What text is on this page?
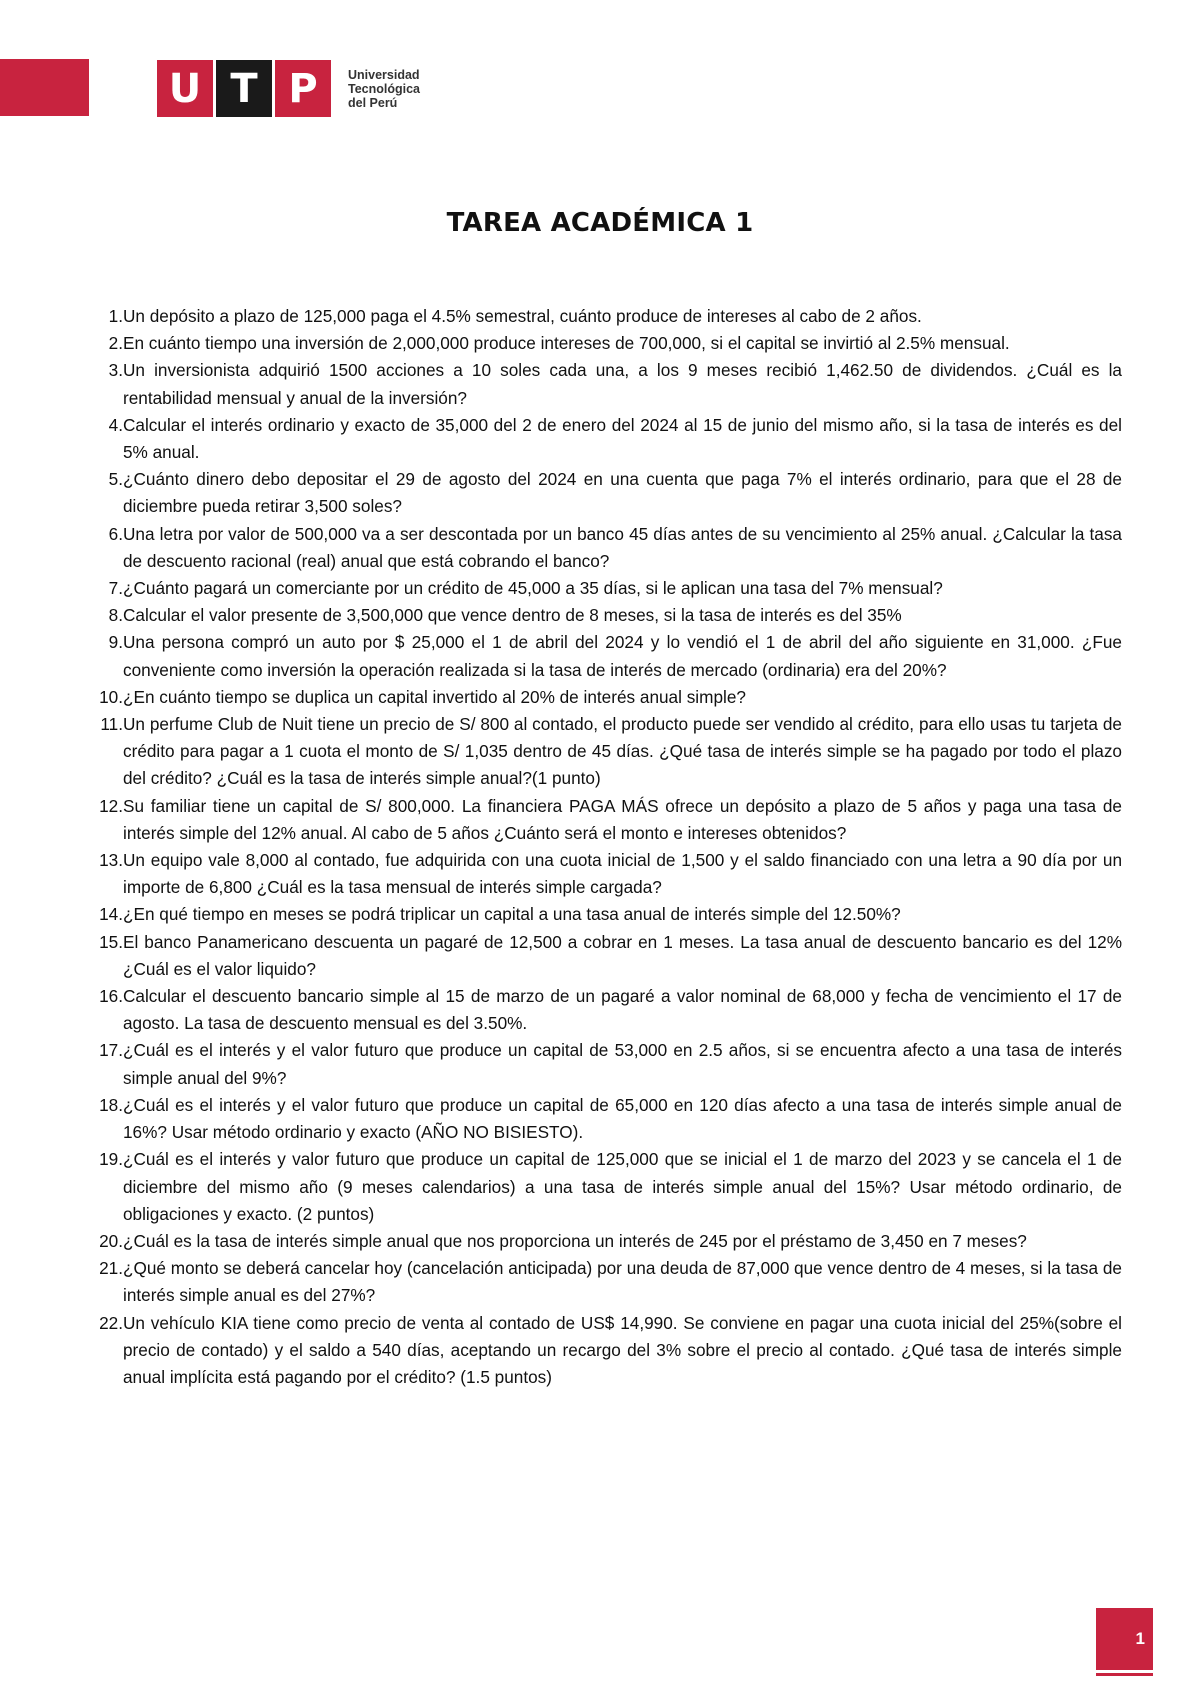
U T P	Universidad
Tecnológica
del Perú
TAREA ACADÉMICA 1
1. Un depósito a plazo de 125,000 paga el 4.5% semestral, cuánto produce de intereses al cabo de 2 años.
2. En cuánto tiempo una inversión de 2,000,000 produce intereses de 700,000, si el capital se invirtió al 2.5% mensual.
3. Un inversionista adquirió 1500 acciones a 10 soles cada una, a los 9 meses recibió 1,462.50 de dividendos. ¿Cuál es la rentabilidad mensual y anual de la inversión?
4. Calcular el interés ordinario y exacto de 35,000 del 2 de enero del 2024 al 15 de junio del mismo año, si la tasa de interés es del 5% anual.
5. ¿Cuánto dinero debo depositar el 29 de agosto del 2024 en una cuenta que paga 7% el interés ordinario, para que el 28 de diciembre pueda retirar 3,500 soles?
6. Una letra por valor de 500,000 va a ser descontada por un banco 45 días antes de su vencimiento al 25% anual. ¿Calcular la tasa de descuento racional (real) anual que está cobrando el banco?
7. ¿Cuánto pagará un comerciante por un crédito de 45,000 a 35 días, si le aplican una tasa del 7% mensual?
8. Calcular el valor presente de 3,500,000 que vence dentro de 8 meses, si la tasa de interés es del 35%
9. Una persona compró un auto por $ 25,000 el 1 de abril del 2024 y lo vendió el 1 de abril del año siguiente en 31,000. ¿Fue conveniente como inversión la operación realizada si la tasa de interés de mercado (ordinaria) era del 20%?
10. ¿En cuánto tiempo se duplica un capital invertido al 20% de interés anual simple?
11. Un perfume Club de Nuit tiene un precio de S/ 800 al contado, el producto puede ser vendido al crédito, para ello usas tu tarjeta de crédito para pagar a 1 cuota el monto de S/ 1,035 dentro de 45 días. ¿Qué tasa de interés simple se ha pagado por todo el plazo del crédito? ¿Cuál es la tasa de interés simple anual?(1 punto)
12. Su familiar tiene un capital de S/ 800,000. La financiera PAGA MÁS ofrece un depósito a plazo de 5 años y paga una tasa de interés simple del 12% anual. Al cabo de 5 años ¿Cuánto será el monto e intereses obtenidos?
13. Un equipo vale 8,000 al contado, fue adquirida con una cuota inicial de 1,500 y el saldo financiado con una letra a 90 día por un importe de 6,800 ¿Cuál es la tasa mensual de interés simple cargada?
14. ¿En qué tiempo en meses se podrá triplicar un capital a una tasa anual de interés simple del 12.50%?
15. El banco Panamericano descuenta un pagaré de 12,500 a cobrar en 1 meses. La tasa anual de descuento bancario es del 12% ¿Cuál es el valor liquido?
16. Calcular el descuento bancario simple al 15 de marzo de un pagaré a valor nominal de 68,000 y fecha de vencimiento el 17 de agosto. La tasa de descuento mensual es del 3.50%.
17. ¿Cuál es el interés y el valor futuro que produce un capital de 53,000 en 2.5 años, si se encuentra afecto a una tasa de interés simple anual del 9%?
18. ¿Cuál es el interés y el valor futuro que produce un capital de 65,000 en 120 días afecto a una tasa de interés simple anual de 16%? Usar método ordinario y exacto (AÑO NO BISIESTO).
19. ¿Cuál es el interés y valor futuro que produce un capital de 125,000 que se inicial el 1 de marzo del 2023 y se cancela el 1 de diciembre del mismo año (9 meses calendarios) a una tasa de interés simple anual del 15%? Usar método ordinario, de obligaciones y exacto. (2 puntos)
20. ¿Cuál es la tasa de interés simple anual que nos proporciona un interés de 245 por el préstamo de 3,450 en 7 meses?
21. ¿Qué monto se deberá cancelar hoy (cancelación anticipada) por una deuda de 87,000 que vence dentro de 4 meses, si la tasa de interés simple anual es del 27%?
22. Un vehículo KIA tiene como precio de venta al contado de US$ 14,990. Se conviene en pagar una cuota inicial del 25%(sobre el precio de contado) y el saldo a 540 días, aceptando un recargo del 3% sobre el precio al contado. ¿Qué tasa de interés simple anual implícita está pagando por el crédito? (1.5 puntos)
1
